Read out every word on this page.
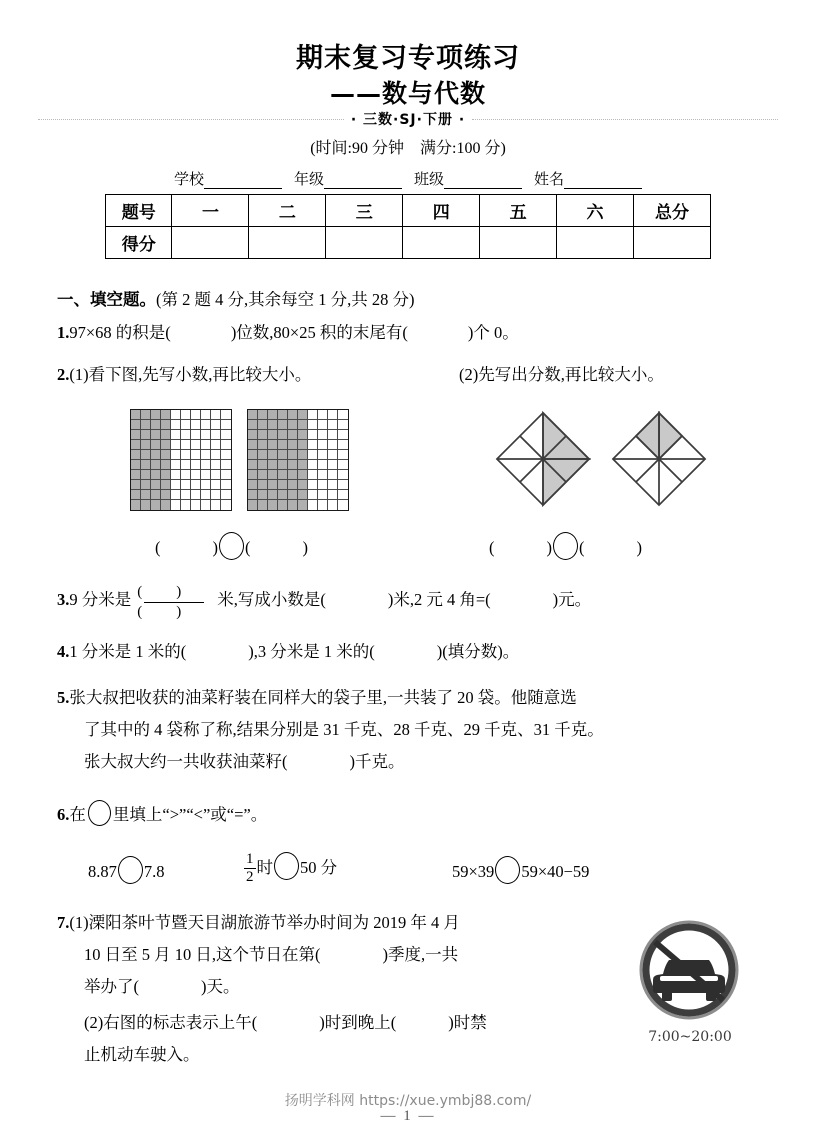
期末复习专项练习
——数与代数
· 三数·SJ·下册 ·
(时间:90 分钟　满分:100 分)
学校	年级	班级	姓名
题号	一	二	三	四	五	六	总分
得分							
一、填空题。(第 2 题 4 分,其余每空 1 分,共 28 分)
1.97×68 的积是(	)位数,80×25 积的末尾有(	)个 0。
2.(1)看下图,先写小数,再比较大小。	(2)先写出分数,再比较大小。
(	) (	)	(	) (	)
3.9 分米是 $\frac{()}{()}$ 米,写成小数是(	)米,2 元 4 角=(	)元。
4.1 分米是 1 米的(	),3 分米是 1 米的(	)(填分数)。
5.张大叔把收获的油菜籽装在同样大的袋子里,一共装了 20 袋。他随意选
了其中的 4 袋称了称,结果分别是 31 千克、28 千克、29 千克、31 千克。
张大叔大约一共收获油菜籽(	)千克。
6.在 里填上“>”“<”或“=”。
8.87 7.8	$\frac{1}{2}$ 时 50 分	59×39 59×40−59
7.(1)溧阳茶叶节暨天目湖旅游节举办时间为 2019 年 4 月
10 日至 5 月 10 日,这个节日在第(	)季度,一共
举办了(	)天。
(2)右图的标志表示上午(	)时到晚上(	)时禁
止机动车驶入。
7:00~20:00
扬明学科网 https://xue.ymbj88.com/
— 1 —
